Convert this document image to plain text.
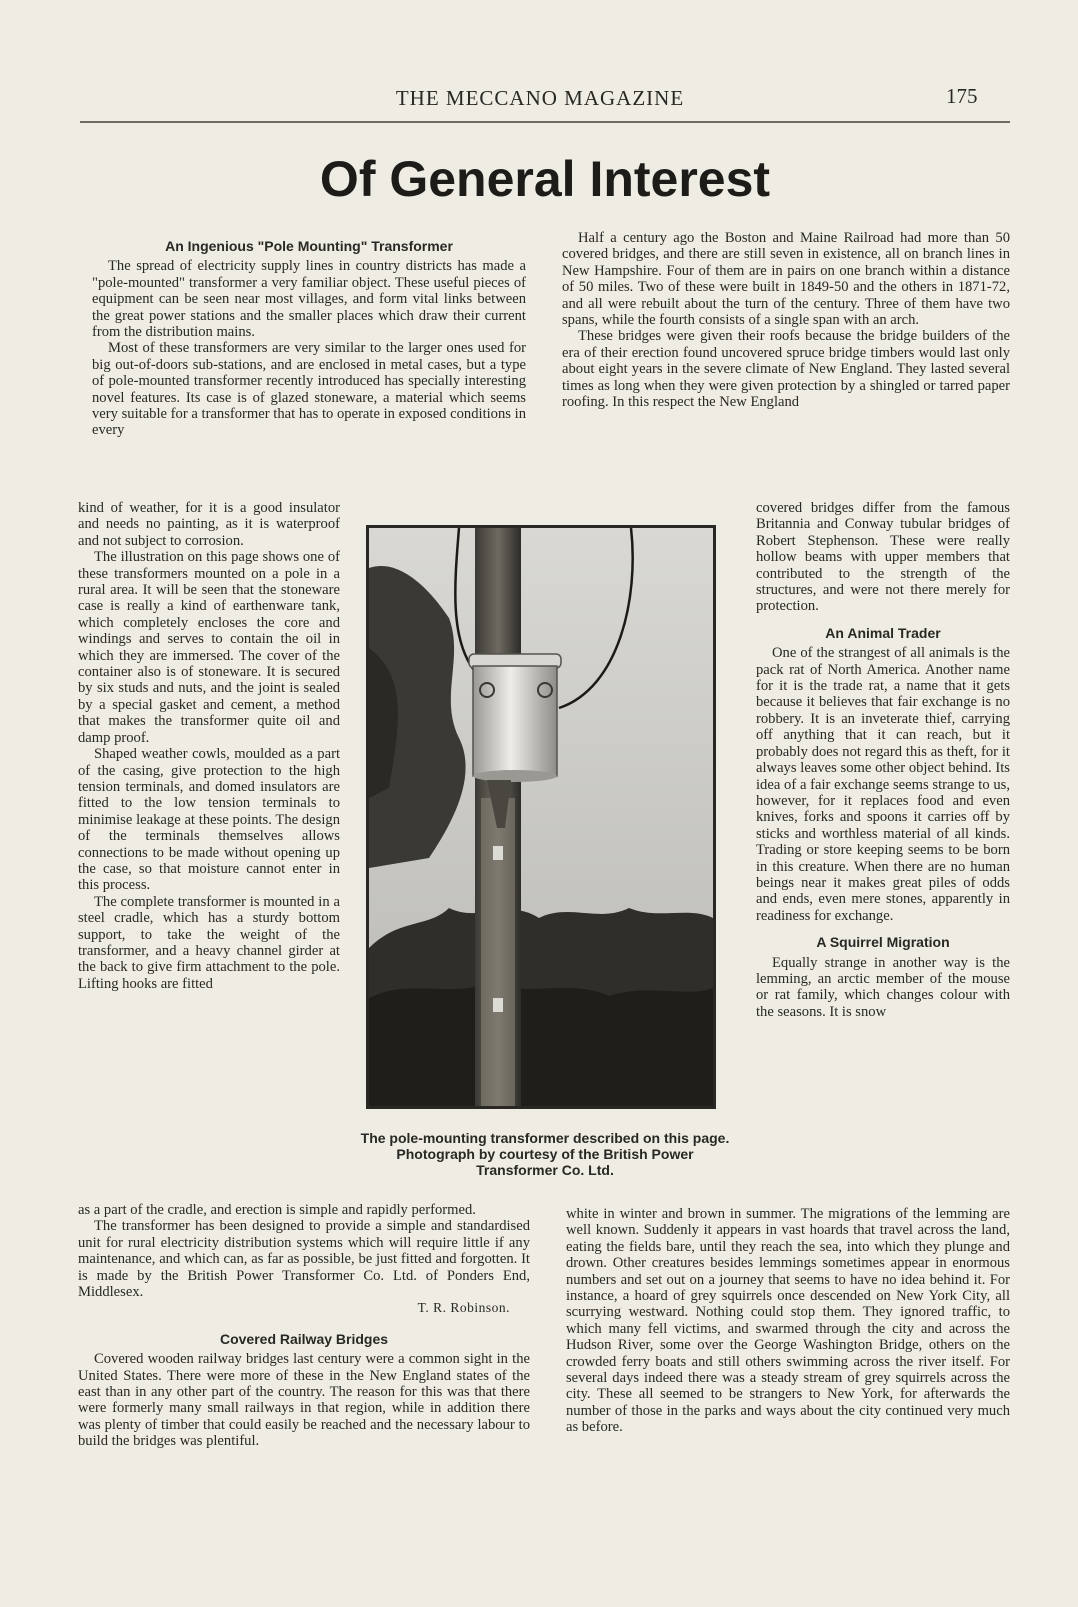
THE MECCANO MAGAZINE	175
Of General Interest
An Ingenious "Pole Mounting" Transformer

The spread of electricity supply lines in country districts has made a "pole-mounted" transformer a very familiar object. These useful pieces of equipment can be seen near most villages, and form vital links between the great power stations and the smaller places which draw their current from the distribution mains.

Most of these transformers are very similar to the larger ones used for big out-of-doors sub-stations, and are enclosed in metal cases, but a type of pole-mounted transformer recently introduced has specially interesting novel features. Its case is of glazed stoneware, a material which seems very suitable for a transformer that has to operate in exposed conditions in every

kind of weather, for it is a good insulator and needs no painting, as it is waterproof and not subject to corrosion.

The illustration on this page shows one of these transformers mounted on a pole in a rural area. It will be seen that the stoneware case is really a kind of earthenware tank, which completely encloses the core and windings and serves to contain the oil in which they are immersed. The cover of the container also is of stoneware. It is secured by six studs and nuts, and the joint is sealed by a special gasket and cement, a method that makes the transformer quite oil and damp proof.

Shaped weather cowls, moulded as a part of the casing, give protection to the high tension terminals, and domed insulators are fitted to the low tension terminals to minimise leakage at these points. The design of the terminals themselves allows connections to be made without opening up the case, so that moisture cannot enter in this process.

The complete transformer is mounted in a steel cradle, which has a sturdy bottom support, to take the weight of the transformer, and a heavy channel girder at the back to give firm attachment to the pole. Lifting hooks are fitted

as a part of the cradle, and erection is simple and rapidly performed.

The transformer has been designed to provide a simple and standardised unit for rural electricity distribution systems which will require little if any maintenance, and which can, as far as possible, be just fitted and forgotten. It is made by the British Power Transformer Co. Ltd. of Ponders End, Middlesex.

T. R. Robinson.
Covered Railway Bridges

Covered wooden railway bridges last century were a common sight in the United States. There were more of these in the New England states of the east than in any other part of the country. The reason for this was that there were formerly many small railways in that region, while in addition there was plenty of timber that could easily be reached and the necessary labour to build the bridges was plentiful.

Half a century ago the Boston and Maine Railroad had more than 50 covered bridges, and there are still seven in existence, all on branch lines in New Hampshire. Four of them are in pairs on one branch within a distance of 50 miles. Two of these were built in 1849-50 and the others in 1871-72, and all were rebuilt about the turn of the century. Three of them have two spans, while the fourth consists of a single span with an arch.

These bridges were given their roofs because the bridge builders of the era of their erection found uncovered spruce bridge timbers would last only about eight years in the severe climate of New England. They lasted several times as long when they were given protection by a shingled or tarred paper roofing. In this respect the New England

covered bridges differ from the famous Britannia and Conway tubular bridges of Robert Stephenson. These were really hollow beams with upper members that contributed to the strength of the structures, and were not there merely for protection.

An Animal Trader

One of the strangest of all animals is the pack rat of North America. Another name for it is the trade rat, a name that it gets because it believes that fair exchange is no robbery. It is an inveterate thief, carrying off anything that it can reach, but it probably does not regard this as theft, for it always leaves some other object behind. Its idea of a fair exchange seems strange to us, however, for it replaces food and even knives, forks and spoons it carries off by sticks and worthless material of all kinds. Trading or store keeping seems to be born in this creature. When there are no human beings near it makes great piles of odds and ends, even mere stones, apparently in readiness for exchange.

A Squirrel Migration

Equally strange in another way is the lemming, an arctic member of the mouse or rat family, which changes colour with the seasons. It is snow

white in winter and brown in summer. The migrations of the lemming are well known. Suddenly it appears in vast hoards that travel across the land, eating the fields bare, until they reach the sea, into which they plunge and drown. Other creatures besides lemmings sometimes appear in enormous numbers and set out on a journey that seems to have no idea behind it. For instance, a hoard of grey squirrels once descended on New York City, all scurrying westward. Nothing could stop them. They ignored traffic, to which many fell victims, and swarmed through the city and across the Hudson River, some over the George Washington Bridge, others on the crowded ferry boats and still others swimming across the river itself. For several days indeed there was a steady stream of grey squirrels across the city. These all seemed to be strangers to New York, for afterwards the number of those in the parks and ways about the city continued very much as before.

The pole-mounting transformer described on this page. Photograph by courtesy of the British Power Transformer Co. Ltd.
